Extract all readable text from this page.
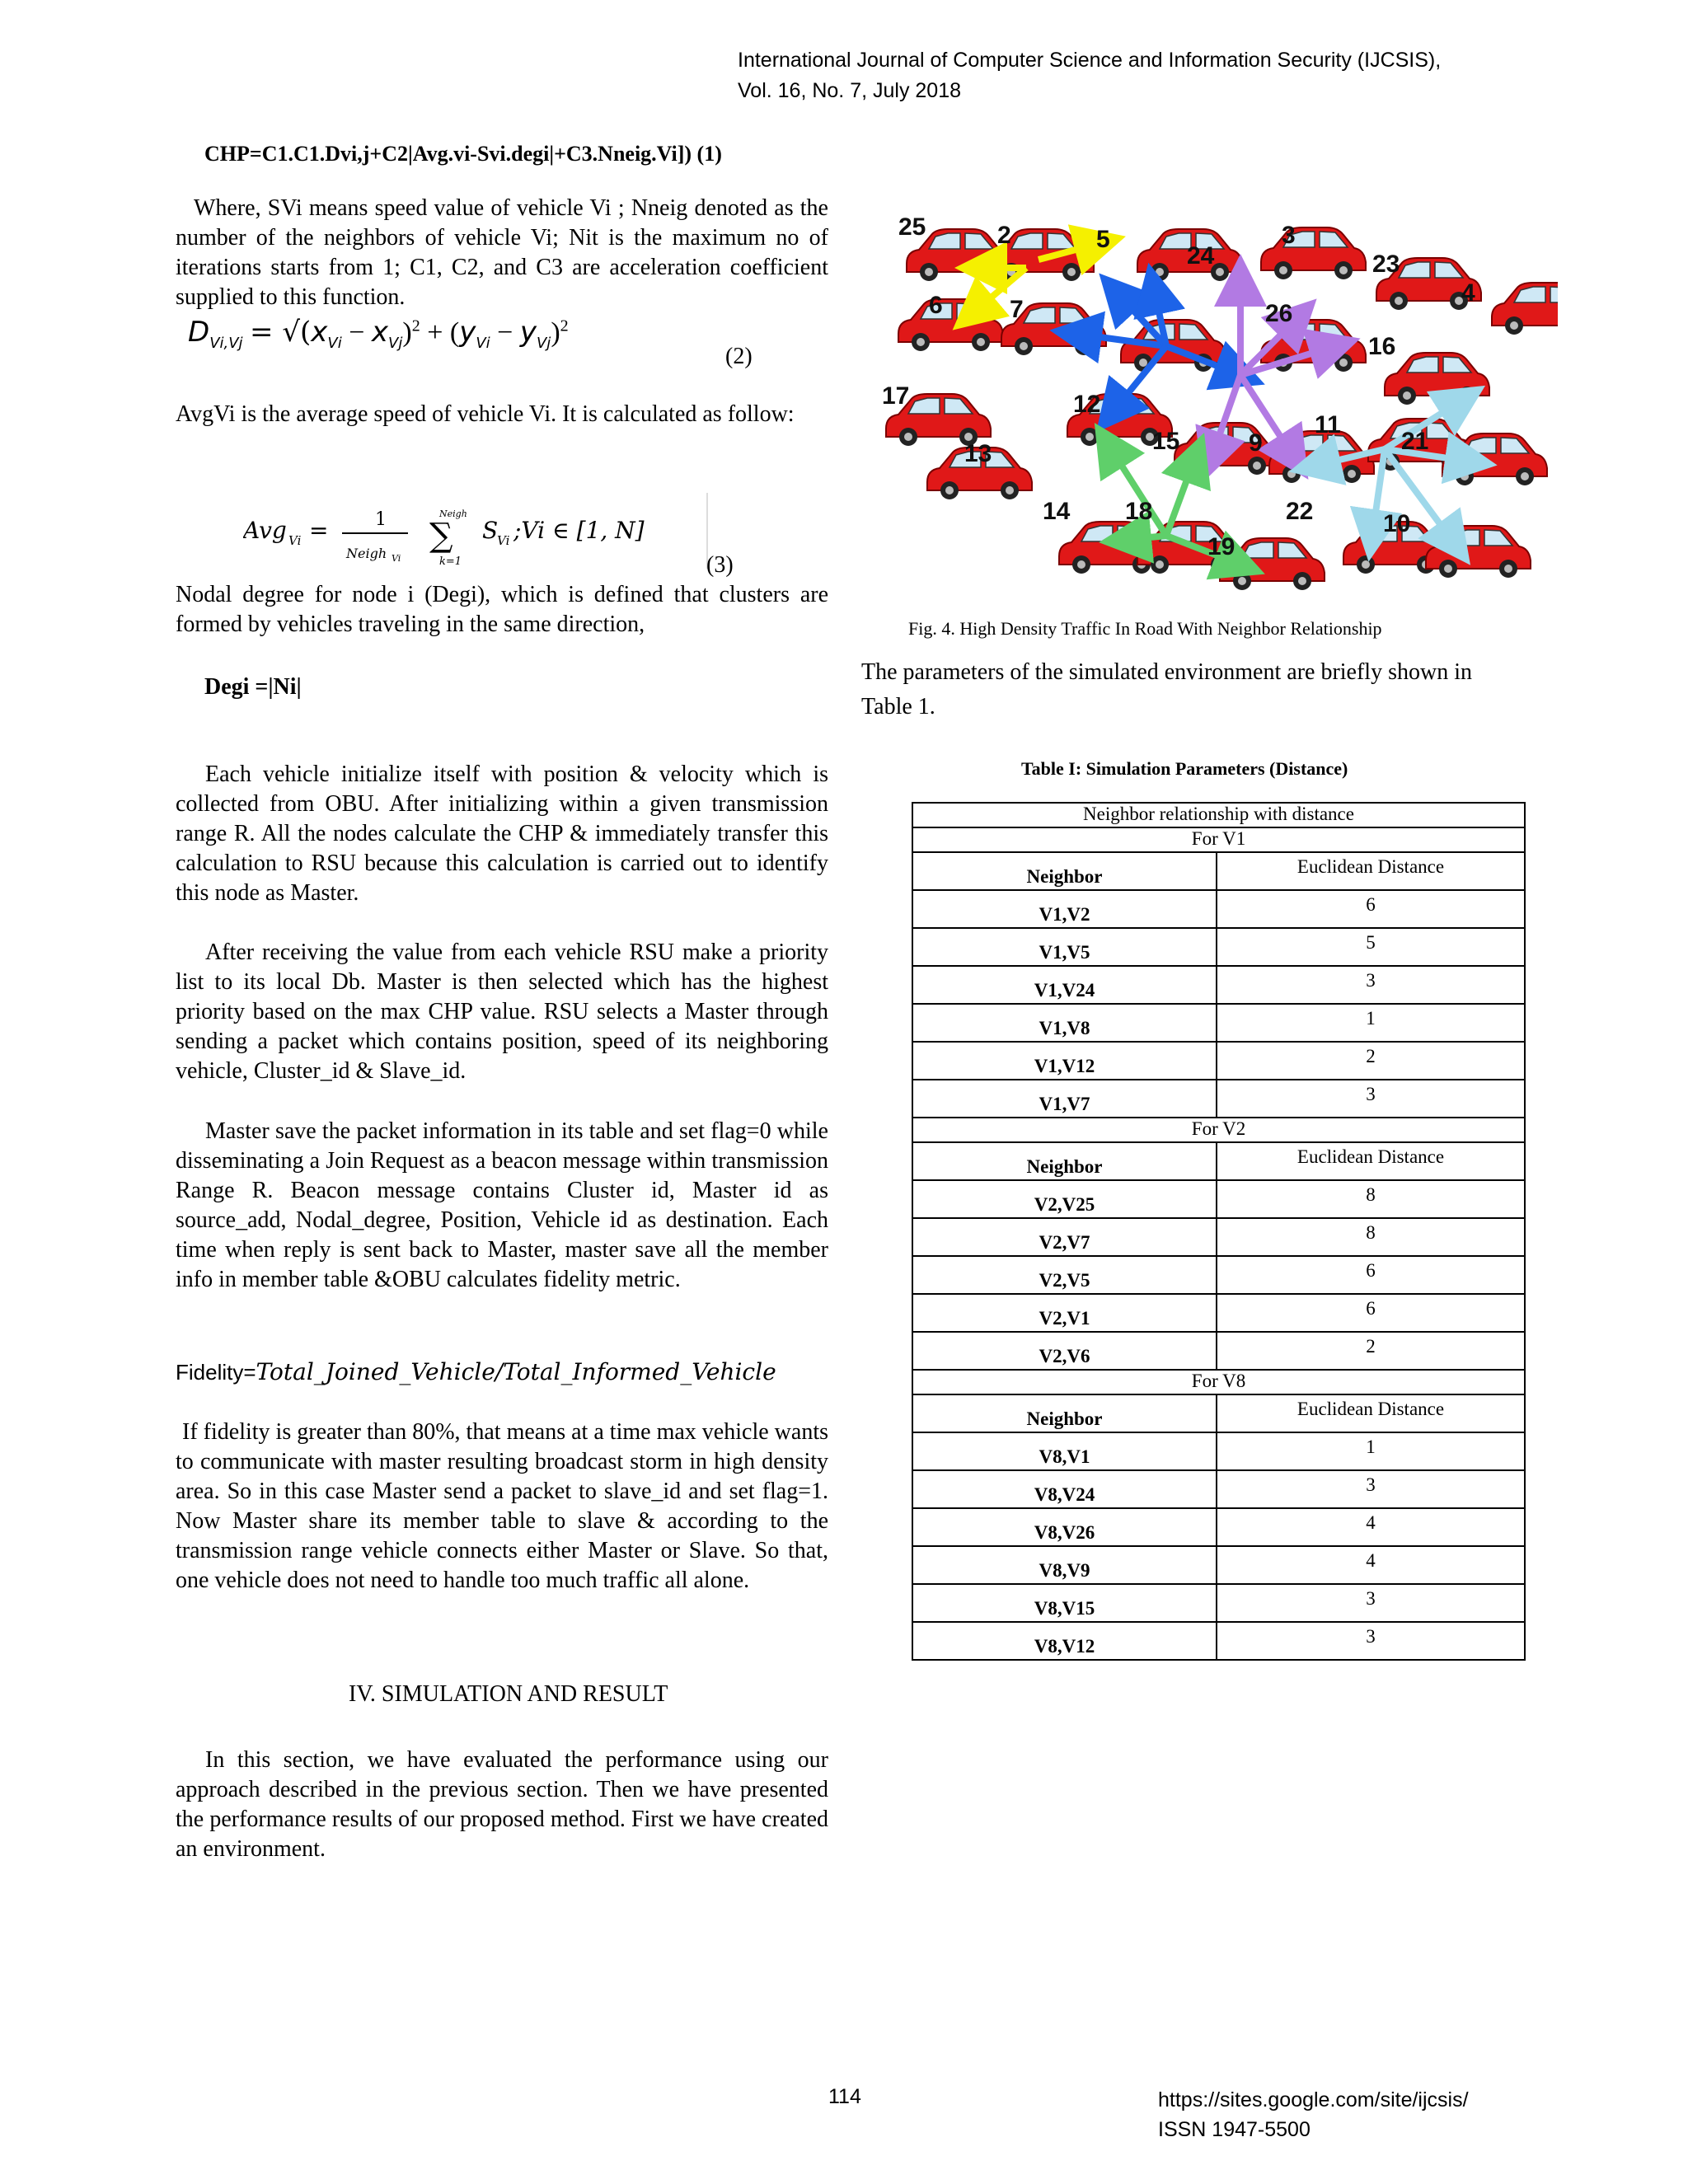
International Journal of Computer Science and Information Security (IJCSIS),
Vol. 16, No. 7, July 2018
CHP=C1.C1.Dvi,j+C2|Avg.vi-Svi.degi|+C3.Nneig.Vi]) (1)

Where, SVi means speed value of vehicle Vi ; Nneig denoted as the number of the neighbors of vehicle Vi; Nit is the maximum no of iterations starts from 1; C1, C2, and C3 are acceleration coefficient supplied to this function.

$D_{Vi,Vj} = √(x_{Vi} - x_{Vj})^2 + (y_{Vi} - y_{Vj})^2$
(2)

AvgVi is the average speed of vehicle Vi. It is calculated as follow:

Avg Vi =	1
Neigh Vi
Neigh
∑
k=1
S
Vi ;Vi ∈ [1, N]
(3)

Nodal degree for node i (Degi), which is defined that clusters are formed by vehicles traveling in the same direction,

Degi =|Ni|

Each vehicle initialize itself with position & velocity which is collected from OBU. After initializing within a given transmission range R. All the nodes calculate the CHP & immediately transfer this calculation to RSU because this calculation is carried out to identify this node as Master.

After receiving the value from each vehicle RSU make a priority list to its local Db. Master is then selected which has the highest priority based on the max CHP value. RSU selects a Master through sending a packet which contains position, speed of its neighboring vehicle, Cluster_id & Slave_id.

Master save the packet information in its table and set flag=0 while disseminating a Join Request as a beacon message within transmission Range R. Beacon message contains Cluster id, Master id as source_add, Nodal_degree, Position, Vehicle id as destination. Each time when reply is sent back to Master, master save all the member info in member table &OBU calculates fidelity metric.

Fidelity=Total_Joined_Vehicle/Total_Informed_Vehicle

If fidelity is greater than 80%, that means at a time max vehicle wants to communicate with master resulting broadcast storm in high density area. So in this case Master send a packet to slave_id and set flag=1. Now Master share its member table to slave & according to the transmission range vehicle connects either Master or Slave. So that, one vehicle does not need to handle too much traffic all alone.

IV. SIMULATION AND RESULT

In this section, we have evaluated the performance using our approach described in the previous section. Then we have presented the performance results of our proposed method. First we have created an environment.

25	2	5	3
24	23
4
6	7	26
16
17	12
11
21
13	15	9
14 18	22	10
19
Fig. 4. High Density Traffic In Road With Neighbor Relationship

The parameters of the simulated environment are briefly shown in Table 1.

Table I: Simulation Parameters (Distance)
Neighbor relationship with distance	
For V1	
Neighbor	Euclidean Distance
V1,V2	6
V1,V5	5
V1,V24	3
V1,V8	1
V1,V12	2
V1,V7	3
For V2	
Neighbor	Euclidean Distance
V2,V25	8
V2,V7	8
V2,V5	6
V2,V1	6
V2,V6	2
For V8	
Neighbor	Euclidean Distance
V8,V1	1
V8,V24	3
V8,V26	4
V8,V9	4
V8,V15	3
V8,V12	3
114	https://sites.google.com/site/ijcsis/
ISSN 1947-5500
